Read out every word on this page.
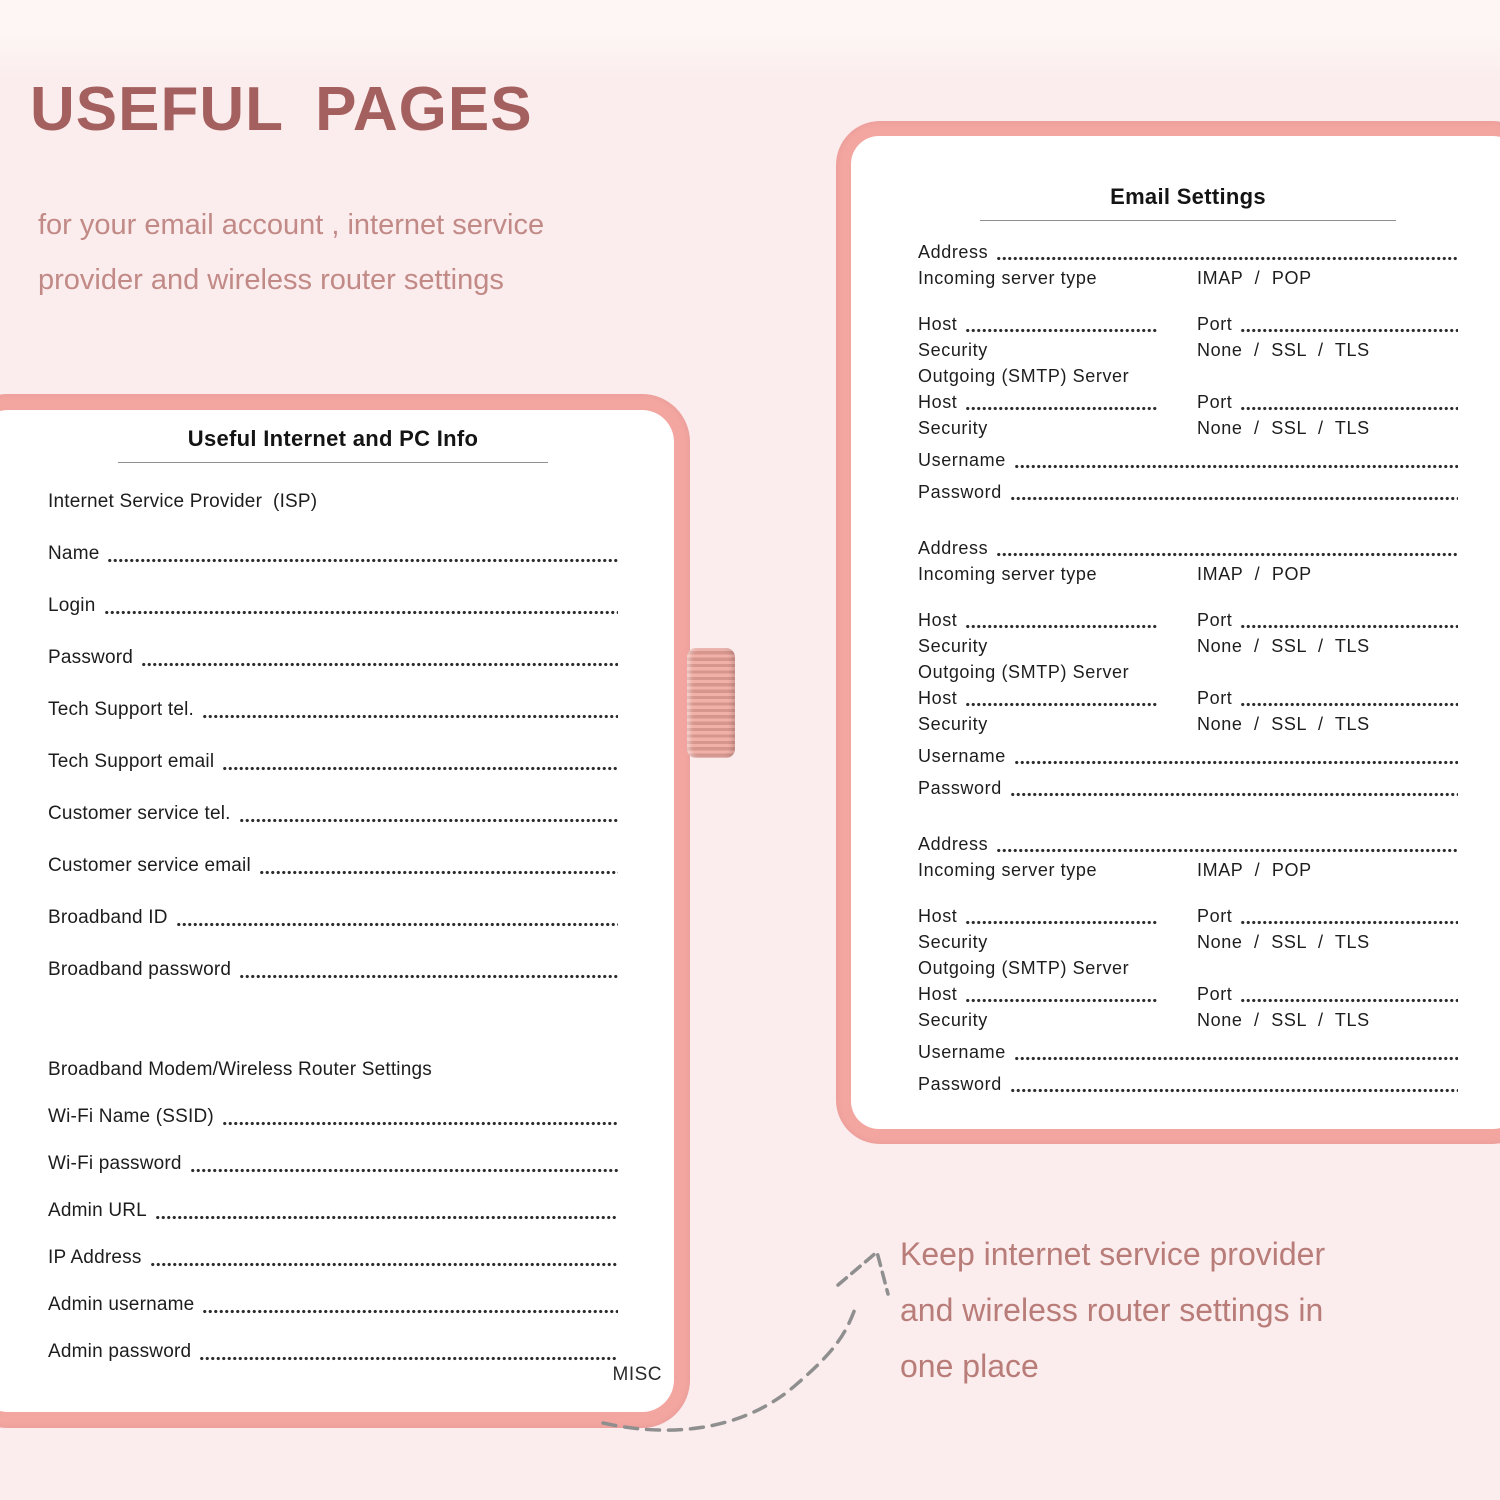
USEFUL PAGES
for your email account , internet service
provider and wireless router settings
Useful Internet and PC Info
Internet Service Provider  (ISP)
Name
Login
Password
Tech Support tel.
Tech Support email
Customer service tel.
Customer service email
Broadband ID
Broadband password
Broadband Modem/Wireless Router Settings
Wi-Fi Name (SSID)
Wi-Fi password
Admin URL
IP Address
Admin username
Admin password
MISC
Email Settings
Address
Incoming server type	IMAP / POP
Host	Port
Security	None / SSL / TLS
Outgoing (SMTP) Server
Host	Port
Security	None / SSL / TLS
Username
Password
Address
Incoming server type	IMAP / POP
Host	Port
Security	None / SSL / TLS
Outgoing (SMTP) Server
Host	Port
Security	None / SSL / TLS
Username
Password
Address
Incoming server type	IMAP / POP
Host	Port
Security	None / SSL / TLS
Outgoing (SMTP) Server
Host	Port
Security	None / SSL / TLS
Username
Password
Keep internet service provider
and wireless router settings in
one place
